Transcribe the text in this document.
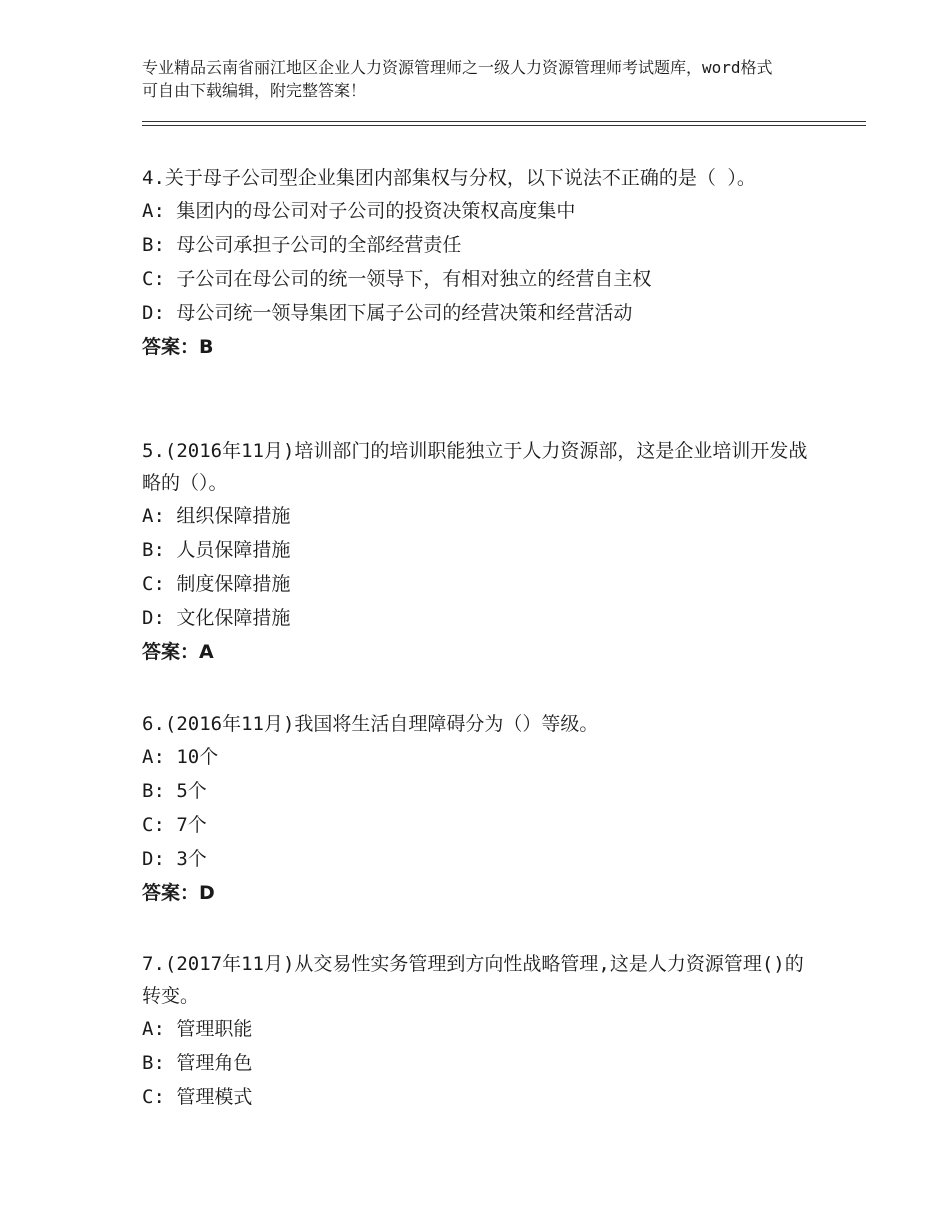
专业精品云南省丽江地区企业人力资源管理师之一级人力资源管理师考试题库，word格式可自由下载编辑，附完整答案！

4.关于母子公司型企业集团内部集权与分权，以下说法不正确的是（ ）。

A: 集团内的母公司对子公司的投资决策权高度集中

B: 母公司承担子公司的全部经营责任

C: 子公司在母公司的统一领导下，有相对独立的经营自主权

D: 母公司统一领导集团下属子公司的经营决策和经营活动

答案：B

5.(2016年11月)培训部门的培训职能独立于人力资源部，这是企业培训开发战略的（）。

A: 组织保障措施

B: 人员保障措施

C: 制度保障措施

D: 文化保障措施

答案：A

6.(2016年11月)我国将生活自理障碍分为（）等级。

A: 10个

B: 5个

C: 7个

D: 3个

答案：D

7.(2017年11月)从交易性实务管理到方向性战略管理,这是人力资源管理()的转变。

A: 管理职能

B: 管理角色

C: 管理模式
